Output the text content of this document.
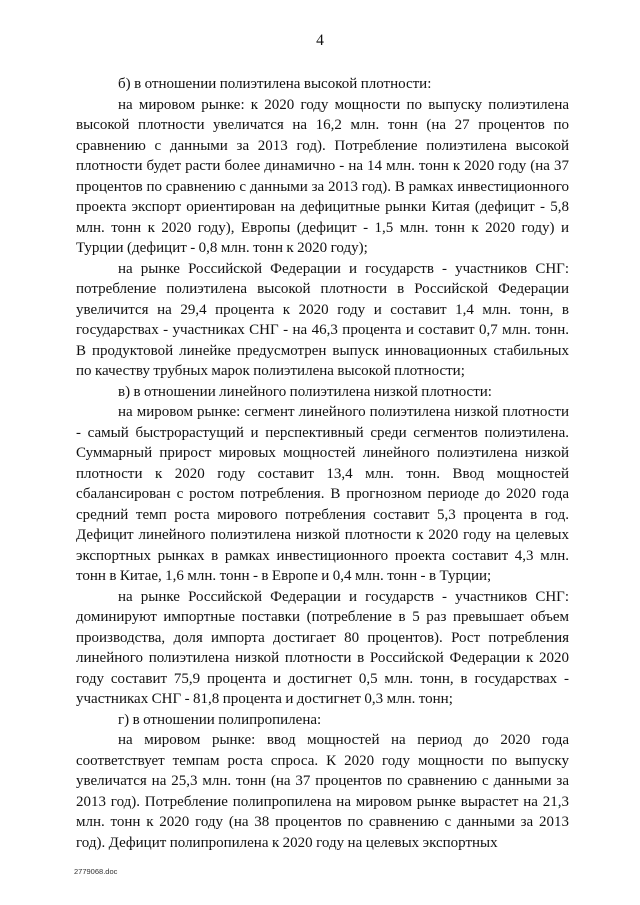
4

б) в отношении полиэтилена высокой плотности:

на мировом рынке: к 2020 году мощности по выпуску полиэтилена высокой плотности увеличатся на 16,2 млн. тонн (на 27 процентов по сравнению с данными за 2013 год). Потребление полиэтилена высокой плотности будет расти более динамично - на 14 млн. тонн к 2020 году (на 37 процентов по сравнению с данными за 2013 год). В рамках инвестиционного проекта экспорт ориентирован на дефицитные рынки Китая (дефицит - 5,8 млн. тонн к 2020 году), Европы (дефицит - 1,5 млн. тонн к 2020 году) и Турции (дефицит - 0,8 млн. тонн к 2020 году);

на рынке Российской Федерации и государств - участников СНГ: потребление полиэтилена высокой плотности в Российской Федерации увеличится на 29,4 процента к 2020 году и составит 1,4 млн. тонн, в государствах - участниках СНГ - на 46,3 процента и составит 0,7 млн. тонн. В продуктовой линейке предусмотрен выпуск инновационных стабильных по качеству трубных марок полиэтилена высокой плотности;

в) в отношении линейного полиэтилена низкой плотности:

на мировом рынке: сегмент линейного полиэтилена низкой плотности - самый быстрорастущий и перспективный среди сегментов полиэтилена. Суммарный прирост мировых мощностей линейного полиэтилена низкой плотности к 2020 году составит 13,4 млн. тонн. Ввод мощностей сбалансирован с ростом потребления. В прогнозном периоде до 2020 года средний темп роста мирового потребления составит 5,3 процента в год. Дефицит линейного полиэтилена низкой плотности к 2020 году на целевых экспортных рынках в рамках инвестиционного проекта составит 4,3 млн. тонн в Китае, 1,6 млн. тонн - в Европе и 0,4 млн. тонн - в Турции;

на рынке Российской Федерации и государств - участников СНГ: доминируют импортные поставки (потребление в 5 раз превышает объем производства, доля импорта достигает 80 процентов). Рост потребления линейного полиэтилена низкой плотности в Российской Федерации к 2020 году составит 75,9 процента и достигнет 0,5 млн. тонн, в государствах - участниках СНГ - 81,8 процента и достигнет 0,3 млн. тонн;

г) в отношении полипропилена:

на мировом рынке: ввод мощностей на период до 2020 года соответствует темпам роста спроса. К 2020 году мощности по выпуску увеличатся на 25,3 млн. тонн (на 37 процентов по сравнению с данными за 2013 год). Потребление полипропилена на мировом рынке вырастет на 21,3 млн. тонн к 2020 году (на 38 процентов по сравнению с данными за 2013 год). Дефицит полипропилена к 2020 году на целевых экспортных

2779068.doc
